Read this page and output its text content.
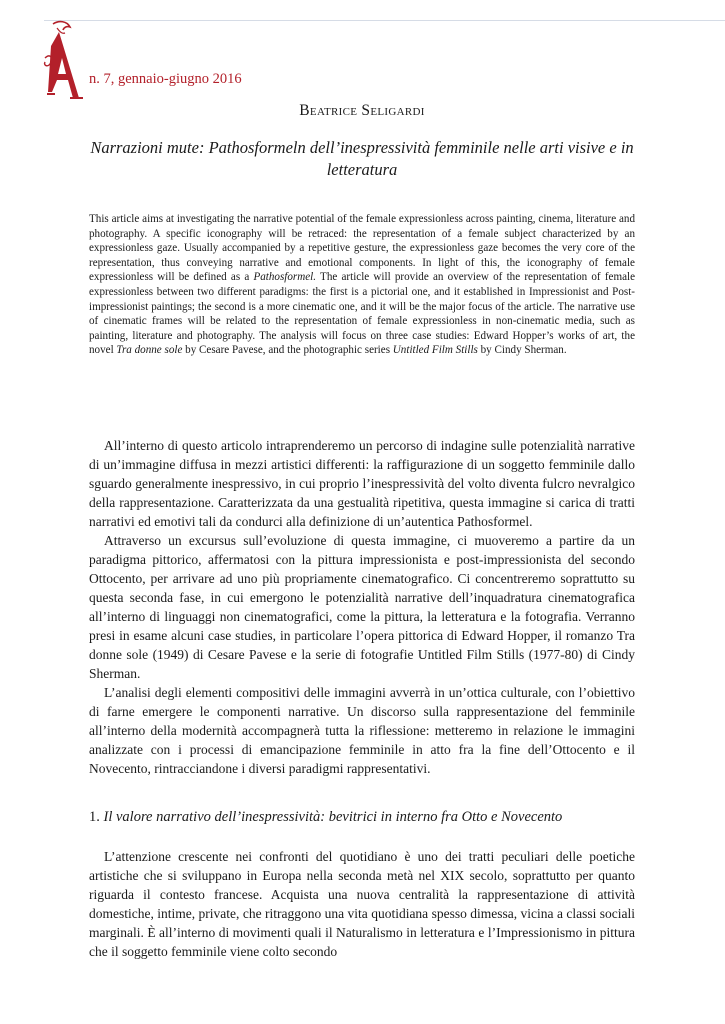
n. 7, gennaio-giugno 2016

Beatrice Seligardi
Narrazioni mute: Pathosformeln dell’inespressività femminile nelle arti visive e in letteratura

This article aims at investigating the narrative potential of the female expressionless across painting, cinema, literature and photography. A specific iconography will be retraced: the representation of a female subject characterized by an expressionless gaze. Usually accompanied by a repetitive gesture, the expressionless gaze becomes the very core of the representation, thus conveying narrative and emotional components. In light of this, the iconography of female expressionless will be defined as a Pathosformel. The article will provide an overview of the representation of female expressionless between two different paradigms: the first is a pictorial one, and it established in Impressionist and Post-impressionist paintings; the second is a more cinematic one, and it will be the major focus of the article. The narrative use of cinematic frames will be related to the representation of female expressionless in non-cinematic media, such as painting, literature and photography. The analysis will focus on three case studies: Edward Hopper’s works of art, the novel Tra donne sole by Cesare Pavese, and the photographic series Untitled Film Stills by Cindy Sherman.

All’interno di questo articolo intraprenderemo un percorso di indagine sulle potenzialità narrative di un’immagine diffusa in mezzi artistici differenti: la raffigurazione di un soggetto femminile dallo sguardo generalmente inespressivo, in cui proprio l’inespressività del volto diventa fulcro nevralgico della rappresentazione. Caratterizzata da una gestualità ripetitiva, questa immagine si carica di tratti narrativi ed emotivi tali da condurci alla definizione di un’autentica Pathosformel.

Attraverso un excursus sull’evoluzione di questa immagine, ci muoveremo a partire da un paradigma pittorico, affermatosi con la pittura impressionista e post-impressionista del secondo Ottocento, per arrivare ad uno più propriamente cinematografico. Ci concentreremo soprattutto su questa seconda fase, in cui emergono le potenzialità narrative dell’inquadratura cinematografica all’interno di linguaggi non cinematografici, come la pittura, la letteratura e la fotografia. Verranno presi in esame alcuni case studies, in particolare l’opera pittorica di Edward Hopper, il romanzo Tra donne sole (1949) di Cesare Pavese e la serie di fotografie Untitled Film Stills (1977-80) di Cindy Sherman.

L’analisi degli elementi compositivi delle immagini avverrà in un’ottica culturale, con l’obiettivo di farne emergere le componenti narrative. Un discorso sulla rappresentazione del femminile all’interno della modernità accompagnerà tutta la riflessione: metteremo in relazione le immagini analizzate con i processi di emancipazione femminile in atto fra la fine dell’Ottocento e il Novecento, rintracciandone i diversi paradigmi rappresentativi.

1. Il valore narrativo dell’inespressività: bevitrici in interno fra Otto e Novecento

L’attenzione crescente nei confronti del quotidiano è uno dei tratti peculiari delle poetiche artistiche che si sviluppano in Europa nella seconda metà nel XIX secolo, soprattutto per quanto riguarda il contesto francese. Acquista una nuova centralità la rappresentazione di attività domestiche, intime, private, che ritraggono una vita quotidiana spesso dimessa, vicina a classi sociali marginali. È all’interno di movimenti quali il Naturalismo in letteratura e l’Impressionismo in pittura che il soggetto femminile viene colto secondo
